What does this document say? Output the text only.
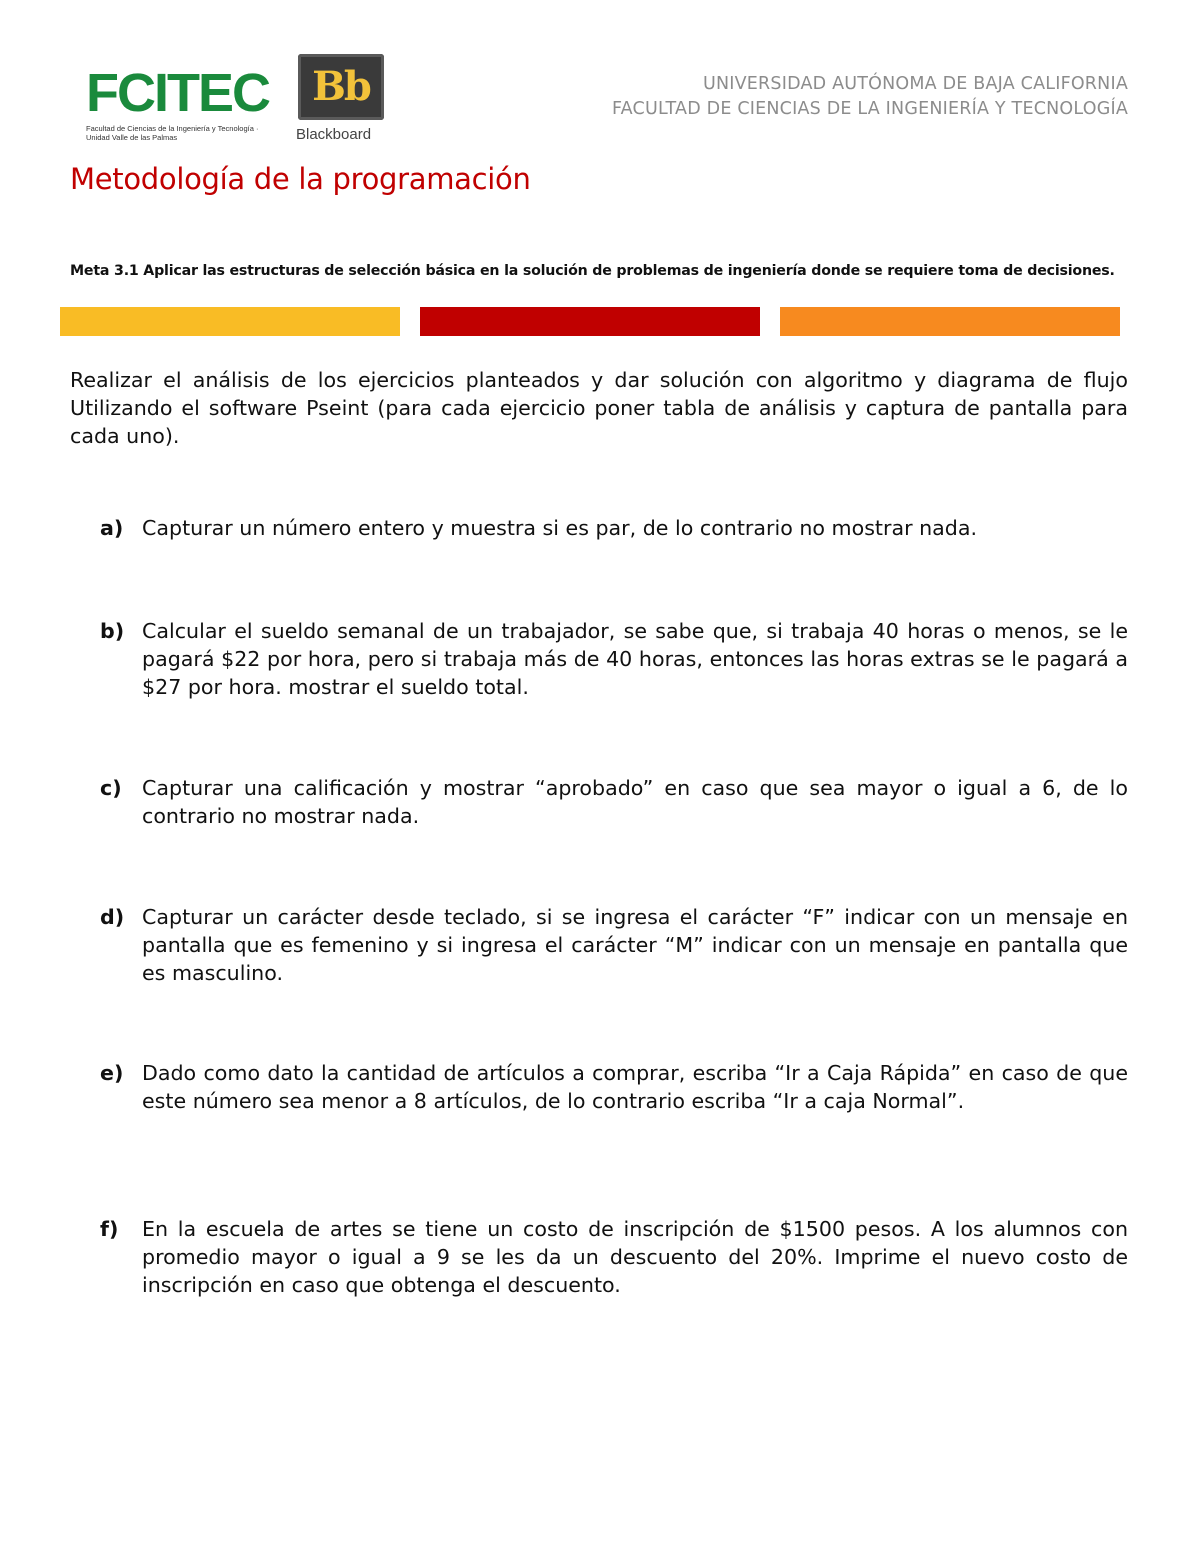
FCITEC
Facultad de Ciencias de la Ingeniería y Tecnología · Unidad Valle de las Palmas
Bb
Blackboard
UNIVERSIDAD AUTÓNOMA DE BAJA CALIFORNIA
FACULTAD DE CIENCIAS DE LA INGENIERÍA Y TECNOLOGÍA
Metodología de la programación

Meta 3.1 Aplicar las estructuras de selección básica en la solución de problemas de ingeniería donde se requiere toma de decisiones.

Realizar el análisis de los ejercicios planteados y dar solución con algoritmo y diagrama de flujo Utilizando el software Pseint (para cada ejercicio poner tabla de análisis y captura de pantalla para cada uno).

a) Capturar un número entero y muestra si es par, de lo contrario no mostrar nada.
b) Calcular el sueldo semanal de un trabajador, se sabe que, si trabaja 40 horas o menos, se le pagará $22 por hora, pero si trabaja más de 40 horas, entonces las horas extras se le pagará a $27 por hora. mostrar el sueldo total.
c) Capturar una calificación y mostrar “aprobado” en caso que sea mayor o igual a 6, de lo contrario no mostrar nada.
d) Capturar un carácter desde teclado, si se ingresa el carácter “F” indicar con un mensaje en pantalla que es femenino y si ingresa el carácter “M” indicar con un mensaje en pantalla que es masculino.
e) Dado como dato la cantidad de artículos a comprar, escriba “Ir a Caja Rápida” en caso de que este número sea menor a 8 artículos, de lo contrario escriba “Ir a caja Normal”.
f)	En la escuela de artes se tiene un costo de inscripción de $1500 pesos. A los alumnos con promedio mayor o igual a 9 se les da un descuento del 20%. Imprime el nuevo costo de inscripción en caso que obtenga el descuento.
